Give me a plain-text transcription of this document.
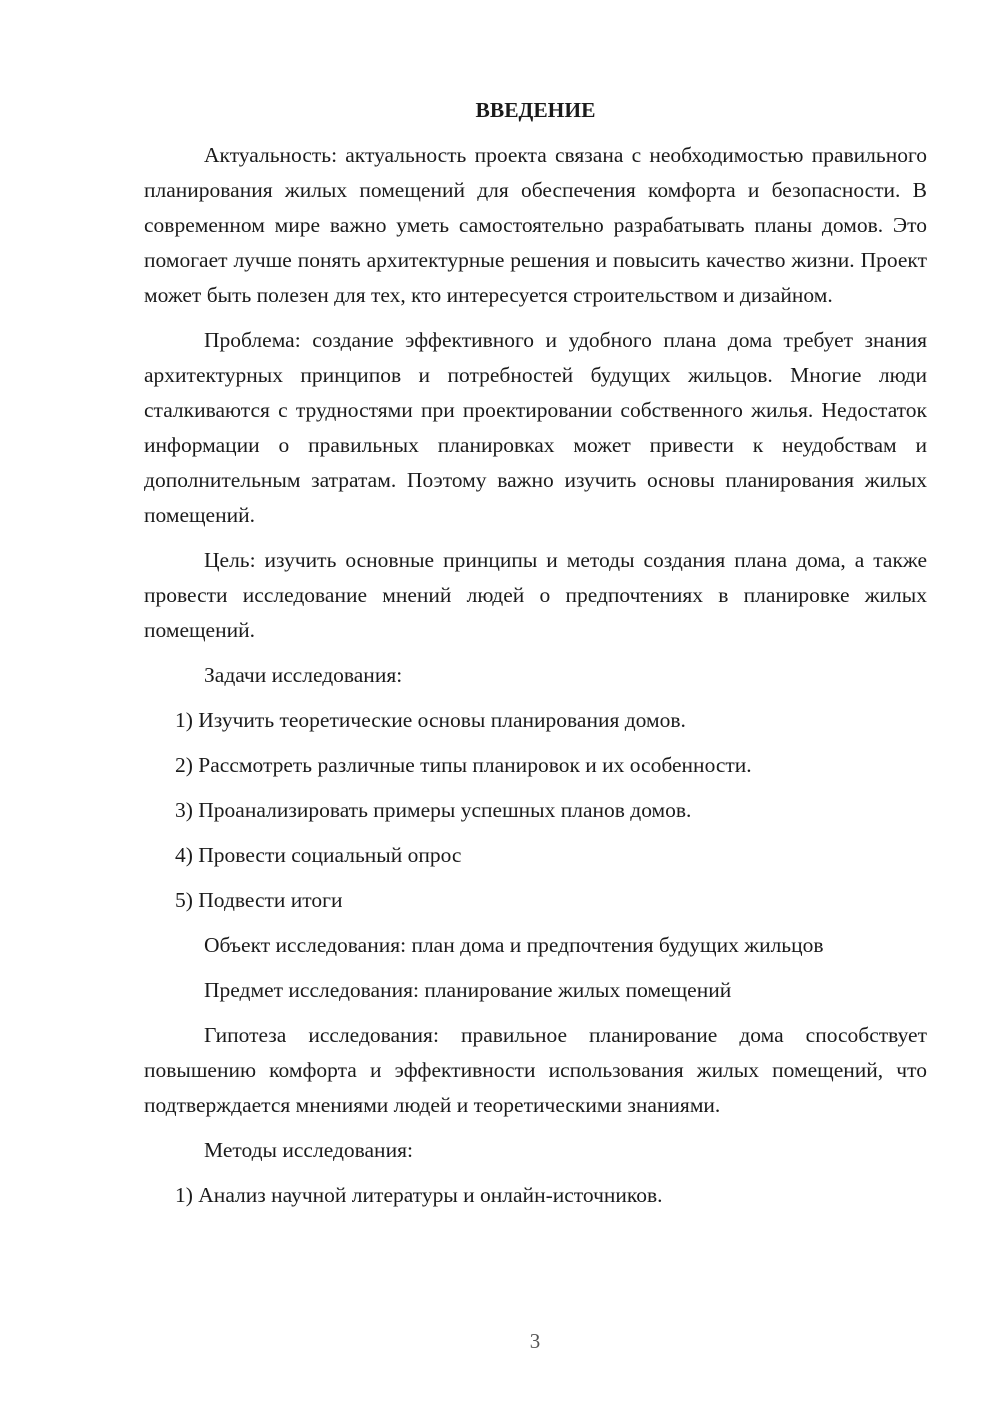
ВВЕДЕНИЕ

Актуальность: актуальность проекта связана с необходимостью правильного планирования жилых помещений для обеспечения комфорта и безопасности. В современном мире важно уметь самостоятельно разрабатывать планы домов. Это помогает лучше понять архитектурные решения и повысить качество жизни. Проект может быть полезен для тех, кто интересуется строительством и дизайном.

Проблема: создание эффективного и удобного плана дома требует знания архитектурных принципов и потребностей будущих жильцов. Многие люди сталкиваются с трудностями при проектировании собственного жилья. Недостаток информации о правильных планировках может привести к неудобствам и дополнительным затратам. Поэтому важно изучить основы планирования жилых помещений.

Цель: изучить основные принципы и методы создания плана дома, а также провести исследование мнений людей о предпочтениях в планировке жилых помещений.

Задачи исследования:
1) Изучить теоретические основы планирования домов.
2) Рассмотреть различные типы планировок и их особенности.
3) Проанализировать примеры успешных планов домов.
4) Провести социальный опрос
5) Подвести итоги
Объект исследования: план дома и предпочтения будущих жильцов
Предмет исследования: планирование жилых помещений

Гипотеза исследования: правильное планирование дома способствует повышению комфорта и эффективности использования жилых помещений, что подтверждается мнениями людей и теоретическими знаниями.

Методы исследования:
1) Анализ научной литературы и онлайн-источников.
3
